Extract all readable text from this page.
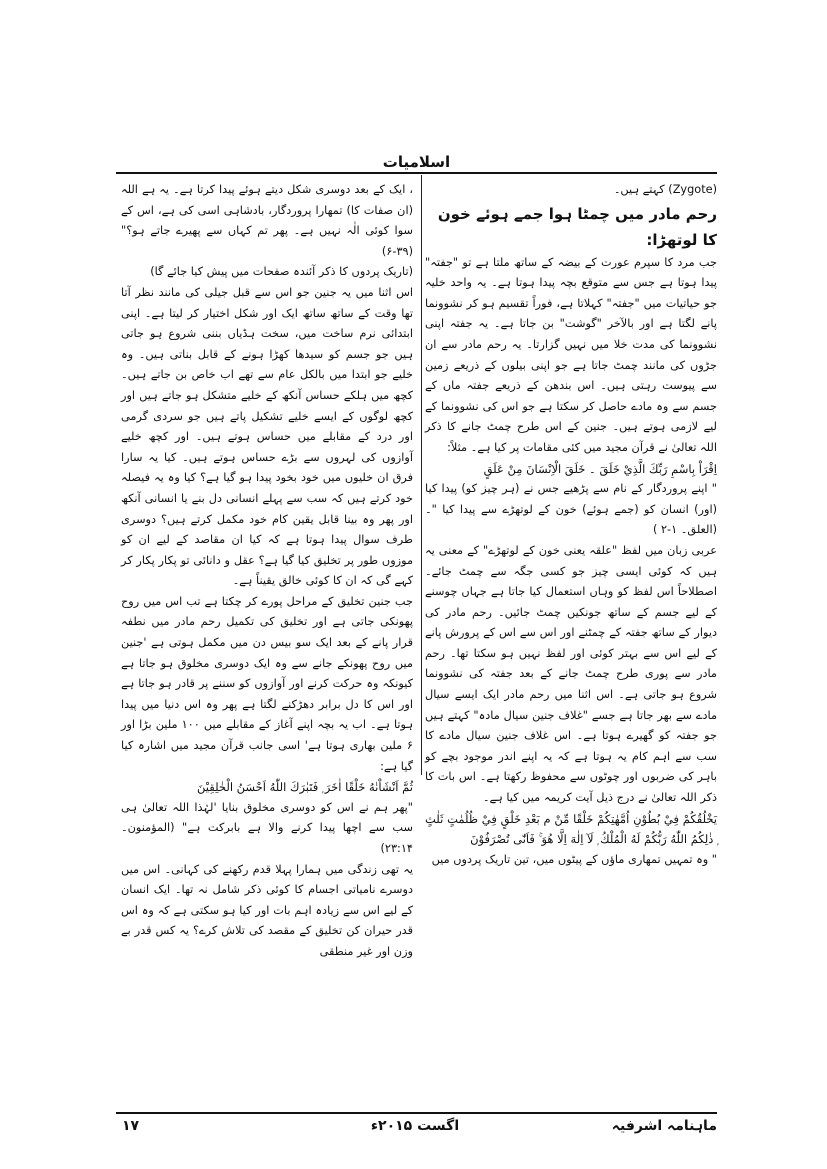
اسلامیات

(Zygote) کہتے ہیں۔

رحم مادر میں چمٹا ہوا جمے ہوئے خون کا لوتھڑا:

جب مرد کا سپرم عورت کے بیضہ کے ساتھ ملتا ہے تو "جفتہ" پیدا ہوتا ہے جس سے متوقع بچہ پیدا ہوتا ہے۔ یہ واحد خلیہ جو حیاتیات میں "جفتہ" کہلاتا ہے، فوراً تقسیم ہو کر نشوونما پانے لگتا ہے اور بالآخر "گوشت" بن جاتا ہے۔ یہ جفتہ اپنی نشوونما کی مدت خلا میں نہیں گزارتا۔ یہ رحم مادر سے ان جڑوں کی مانند چمٹ جاتا ہے جو اپنی بیلوں کے ذریعے زمین سے پیوست رہتی ہیں۔ اس بندھن کے ذریعے جفتہ ماں کے جسم سے وہ مادے حاصل کر سکتا ہے جو اس کی نشوونما کے لیے لازمی ہوتے ہیں۔ جنین کے اس طرح چمٹ جانے کا ذکر اللہ تعالیٰ نے قرآن مجید میں کئی مقامات پر کیا ہے۔ مثلاً:

اِقْرَاْ بِاسْمِ رَبِّكَ الَّذِيْ خَلَقَ ۔ خَلَقَ الْاِنْسَانَ مِنْ عَلَقٍ

" اپنے پروردگار کے نام سے پڑھیے جس نے (ہر چیز کو) پیدا کیا (اور) انسان کو (جمے ہوئے) خون کے لوتھڑے سے پیدا کیا "۔(العلق۔ ۱-۲ )

عربی زبان میں لفظ "علقہ یعنی خون کے لوتھڑے" کے معنی یہ ہیں کہ کوئی ایسی چیز جو کسی جگہ سے چمٹ جائے۔ اصطلاحاً اس لفظ کو وہاں استعمال کیا جاتا ہے جہاں چوسنے کے لیے جسم کے ساتھ جونکیں چمٹ جائیں۔ رحم مادر کی دیوار کے ساتھ جفتہ کے چمٹنے اور اس سے اس کے پرورش پانے کے لیے اس سے بہتر کوئی اور لفظ نہیں ہو سکتا تھا۔ رحم مادر سے پوری طرح چمٹ جانے کے بعد جفتہ کی نشوونما شروع ہو جاتی ہے۔ اس اثنا میں رحم مادر ایک ایسے سیال مادے سے بھر جاتا ہے جسے "غلاف جنین سیال مادہ" کہتے ہیں جو جفتہ کو گھیرے ہوتا ہے۔ اس غلاف جنین سیال مادے کا سب سے اہم کام یہ ہوتا ہے کہ یہ اپنے اندر موجود بچے کو باہر کی ضربوں اور چوٹوں سے محفوظ رکھتا ہے۔ اس بات کا ذکر اللہ تعالیٰ نے درج ذیل آیت کریمہ میں کیا ہے۔

يَخْلُقُكُمْ فِيْ بُطُوْنِ اُمَّهٰتِكُمْ خَلْقًا مِّنْ م بَعْدِ خَلْقٍ فِيْ ظُلُمٰتٍ ثَلٰثٍ ۭ ذٰلِكُمُ اللّٰهُ رَبُّكُمْ لَهُ الْمُلْكُ ۭ لَآ اِلٰهَ اِلَّا هُوَ ۚ فَاَنّٰى تُصْرَفُوْنَ

" وہ تمہیں تمھاری ماؤں کے پیٹوں میں، تین تاریک پردوں میں

، ایک کے بعد دوسری شکل دیتے ہوئے پیدا کرتا ہے۔ یہ ہے اللہ (ان صفات کا) تمھارا پروردگار، بادشاہی اسی کی ہے، اس کے سوا کوئی الٰہ نہیں ہے۔ پھر تم کہاں سے پھیرے جاتے ہو؟" (۳۹-۶)

(تاریک پردوں کا ذکر آئندہ صفحات میں پیش کیا جائے گا)

اس اثنا میں یہ جنین جو اس سے قبل جیلی کی مانند نظر آتا تھا وقت کے ساتھ ساتھ ایک اور شکل اختیار کر لیتا ہے۔ اپنی ابتدائی نرم ساخت میں، سخت ہڈیاں بننی شروع ہو جاتی ہیں جو جسم کو سیدھا کھڑا ہونے کے قابل بناتی ہیں۔ وہ خلیے جو ابتدا میں بالکل عام سے تھے اب خاص بن جاتے ہیں۔ کچھ میں ہلکے حساس آنکھ کے خلیے متشکل ہو جاتے ہیں اور کچھ لوگوں کے ایسے خلیے تشکیل پاتے ہیں جو سردی گرمی اور درد کے مقابلے میں حساس ہوتے ہیں۔ اور کچھ خلیے آوازوں کی لہروں سے بڑے حساس ہوتے ہیں۔ کیا یہ سارا فرق ان خلیوں میں خود بخود پیدا ہو گیا ہے؟ کیا وہ یہ فیصلہ خود کرتے ہیں کہ سب سے پہلے انسانی دل بنے یا انسانی آنکھ اور پھر وہ بینا قابل یقین کام خود مکمل کرتے ہیں؟ دوسری طرف سوال پیدا ہوتا ہے کہ کیا ان مقاصد کے لیے ان کو موزوں طور پر تخلیق کیا گیا ہے؟ عقل و دانائی تو پکار پکار کر کہے گی کہ ان کا کوئی خالق یقیناً ہے۔

جب جنین تخلیق کے مراحل پورے کر چکتا ہے تب اس میں روح پھونکی جاتی ہے اور تخلیق کی تکمیل رحم مادر میں نطفہ قرار پانے کے بعد ایک سو بیس دن میں مکمل ہوتی ہے 'جنین میں روح پھونکے جانے سے وہ ایک دوسری مخلوق ہو جاتا ہے کیونکہ وہ حرکت کرنے اور آوازوں کو سننے پر قادر ہو جاتا ہے اور اس کا دل برابر دھڑکنے لگتا ہے پھر وہ اس دنیا میں پیدا ہوتا ہے۔ اب یہ بچہ اپنے آغاز کے مقابلے میں ۱۰۰ ملین بڑا اور ۶ ملین بھاری ہوتا ہے' اسی جانب قرآن مجید میں اشارہ کیا گیا ہے:

ثُمَّ اَنْشَاْنٰهُ خَلْقًا اٰخَرَ ۭ فَتَبٰرَكَ اللّٰهُ اَحْسَنُ الْخٰلِقِيْنَ

"پھر ہم نے اس کو دوسری مخلوق بنایا 'لہٰذا اللہ تعالیٰ ہی سب سے اچھا پیدا کرنے والا ہے بابرکت ہے" (المؤمنون۔ ۲۳:۱۴)

یہ تھی زندگی میں ہمارا پہلا قدم رکھنے کی کہانی۔ اس میں دوسرے نامیاتی اجسام کا کوئی ذکر شامل نہ تھا۔ ایک انسان کے لیے اس سے زیادہ اہم بات اور کیا ہو سکتی ہے کہ وہ اس قدر حیران کن تخلیق کے مقصد کی تلاش کرے؟ یہ کس قدر بے وزن اور غیر منطقی

ماہنامہ اشرفیہ
اگست ۲۰۱۵ء
۱۷
